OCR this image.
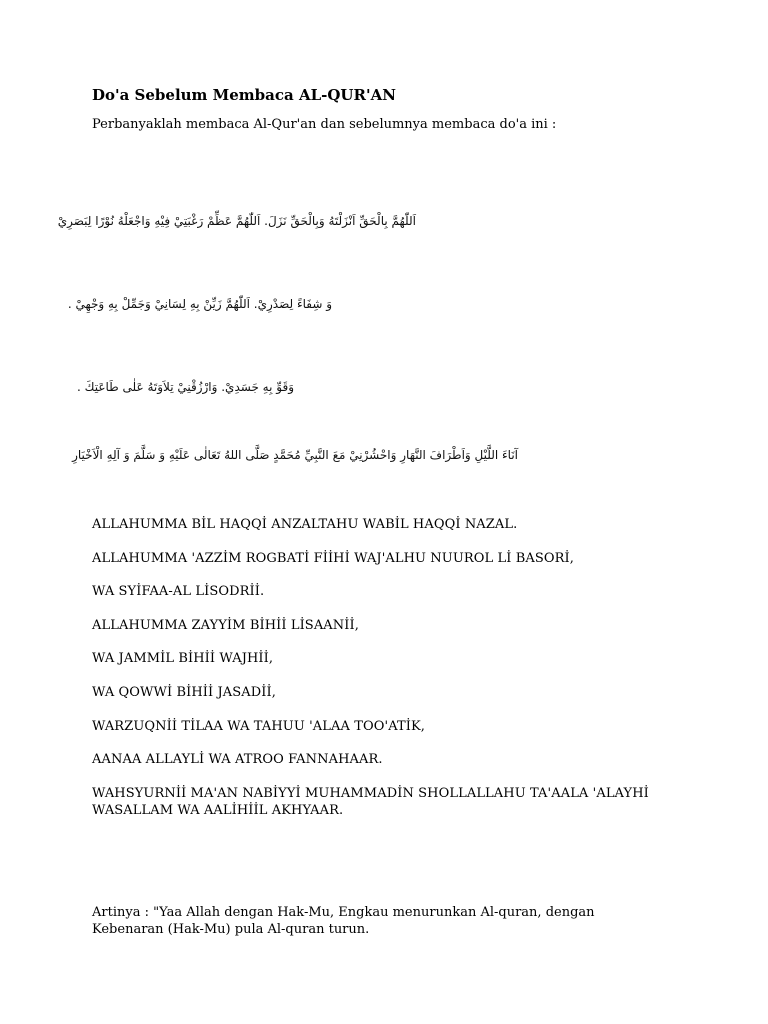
Do'a Sebelum Membaca AL-QUR'AN

Perbanyaklah membaca Al-Qur'an dan sebelumnya membaca do'a ini :

اَللّٰهُمَّ بِالْحَقِّ اَنْزَلْتَهُ وَبِالْحَقِّ نَزَلَ. اَللّٰهُمَّ عَظِّمْ رَغْبَتِيْ فِيْهِ وَاجْعَلْهُ نُوْرًا لِبَصَرِيْ

وَ شِفَاءً لِصَدْرِيْ. اَللّٰهُمَّ زَيِّنْ بِهِ لِسَانِيْ وَجَمِّلْ بِهِ وَجْهِيْ .

وَقَوِّ بِهِ جَسَدِيْ. وَارْزُقْنِيْ تِلاَوَتَهُ عَلٰى طَاعَتِكَ .

آنَاءَ اللَّيْلِ وَاَطْرَافَ النَّهَارِ وَاحْشُرْنِيْ مَعَ النَّبِيِّ مُحَمَّدٍ صَلَّى اللهُ تَعَالٰى عَلَيْهِ وَ سَلَّمَ وَ آلِهِ الْاَخْيَارِ

ALLAHUMMA BİL HAQQİ ANZALTAHU WABİL HAQQİ NAZAL.
ALLAHUMMA 'AZZİM ROGBATİ FİİHİ WAJ'ALHU NUUROL Lİ BASORİ,
WA SYİFAA-AL LİSODRİİ.
ALLAHUMMA ZAYYİM BİHİİ LİSAANİİ,
WA JAMMİL BİHİİ WAJHİİ,
WA QOWWİ BİHİİ JASADİİ,
WARZUQNİİ TİLAA WA TAHUU 'ALAA TOO'ATİK,
AANAA ALLAYLİ WA ATROO FANNAHAAR.
WAHSYURNİİ MA'AN NABİYYİ MUHAMMADİN SHOLLALLAHU TA'AALA 'ALAYHİ WASALLAM WA AALİHİİL AKHYAAR.

Artinya : "Yaa Allah dengan Hak-Mu, Engkau menurunkan Al-quran, dengan Kebenaran (Hak-Mu) pula Al-quran turun.
